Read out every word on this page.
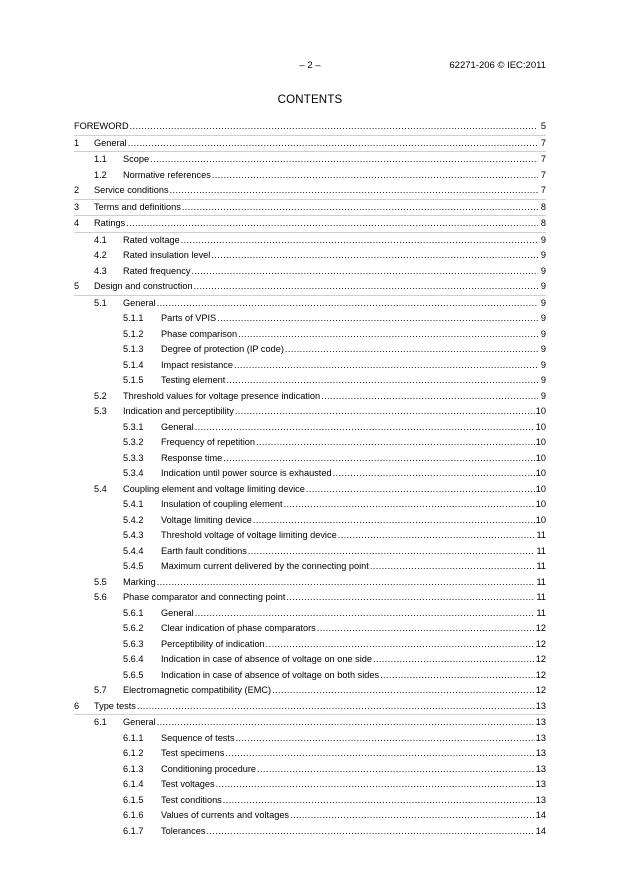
– 2 –	62271-206 © IEC:2011
CONTENTS
FOREWORD .....	5
1	General .....	7
1.1	Scope .....	7
1.2	Normative references .....	7
2	Service conditions .....	7
3	Terms and definitions .....	8
4	Ratings .....	8
4.1	Rated voltage .....	9
4.2	Rated insulation level .....	9
4.3	Rated frequency .....	9
5	Design and construction .....	9
5.1	General .....	9
5.1.1	Parts of VPIS .....	9
5.1.2	Phase comparison .....	9
5.1.3	Degree of protection (IP code) .....	9
5.1.4	Impact resistance .....	9
5.1.5	Testing element .....	9
5.2	Threshold values for voltage presence indication .....	9
5.3	Indication and perceptibility .....	10
5.3.1	General .....	10
5.3.2	Frequency of repetition .....	10
5.3.3	Response time .....	10
5.3.4	Indication until power source is exhausted .....	10
5.4	Coupling element and voltage limiting device .....	10
5.4.1	Insulation of coupling element .....	10
5.4.2	Voltage limiting device .....	10
5.4.3	Threshold voltage of voltage limiting device .....	11
5.4.4	Earth fault conditions .....	11
5.4.5	Maximum current delivered by the connecting point .....	11
5.5	Marking .....	11
5.6	Phase comparator and connecting point .....	11
5.6.1	General .....	11
5.6.2	Clear indication of phase comparators .....	12
5.6.3	Perceptibility of indication .....	12
5.6.4	Indication in case of absence of voltage on one side .....	12
5.6.5	Indication in case of absence of voltage on both sides .....	12
5.7	Electromagnetic compatibility (EMC) .....	12
6	Type tests .....	13
6.1	General .....	13
6.1.1	Sequence of tests .....	13
6.1.2	Test specimens .....	13
6.1.3	Conditioning procedure .....	13
6.1.4	Test voltages .....	13
6.1.5	Test conditions .....	13
6.1.6	Values of currents and voltages .....	14
6.1.7	Tolerances .....	14
